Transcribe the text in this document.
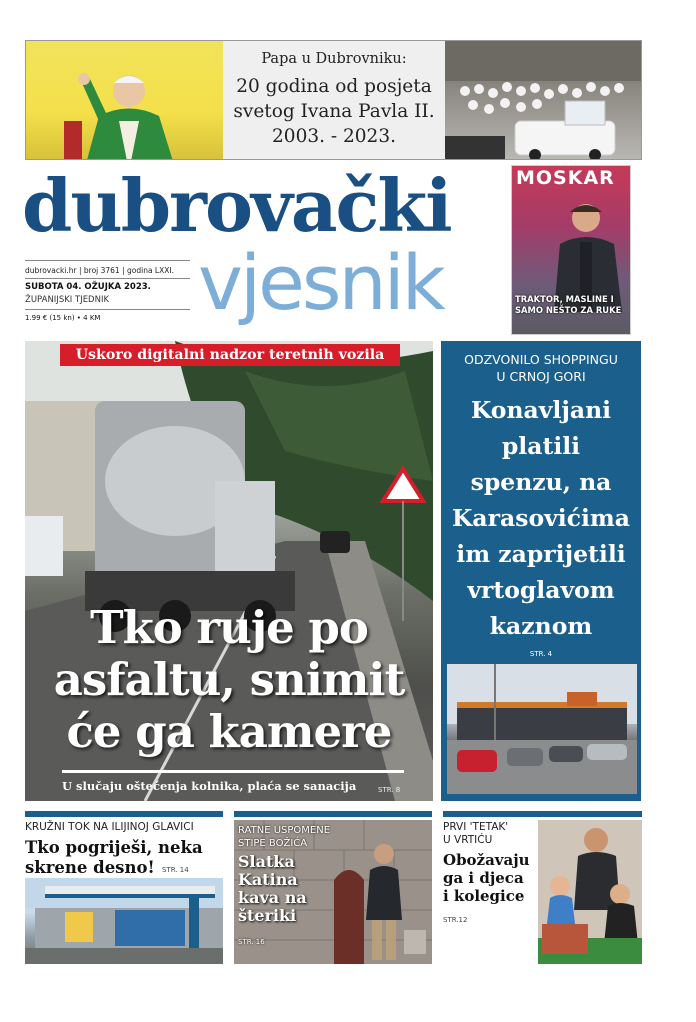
Papa u Dubrovniku:
20 godina od posjeta
svetog Ivana Pavla II.
2003. - 2023.
dubrovački
vjesnik
dubrovacki.hr | broj 3761 | godina LXXI.
SUBOTA 04. OŽUJKA 2023.
ŽUPANIJSKI TJEDNIK
1.99 € (15 kn) • 4 KM
MOSKAR
TRAKTOR, MASLINE I SAMO NEŠTO ZA RUKE
Uskoro digitalni nadzor teretnih vozila
Tko ruje po
asfaltu, snimit
će ga kamere
U slučaju oštećenja kolnika, plaća se sanacija	STR. 8
ODZVONILO SHOPPINGU
U CRNOJ GORI
Konavljani
platili
spenzu, na
Karasovićima
im zaprijetili
vrtoglavom
kaznom
STR. 4
KRUŽNI TOK NA ILIJINOJ GLAVICI
Tko pogriješi, neka
skrene desno!	STR. 14
RATNE USPOMENE
STIPE BOŽIĆA
Slatka
Katina
kava na
šteriki
STR. 16
PRVI 'TETAK'
U VRTIĆU
Obožavaju
ga i djeca
i kolegice
STR.12
